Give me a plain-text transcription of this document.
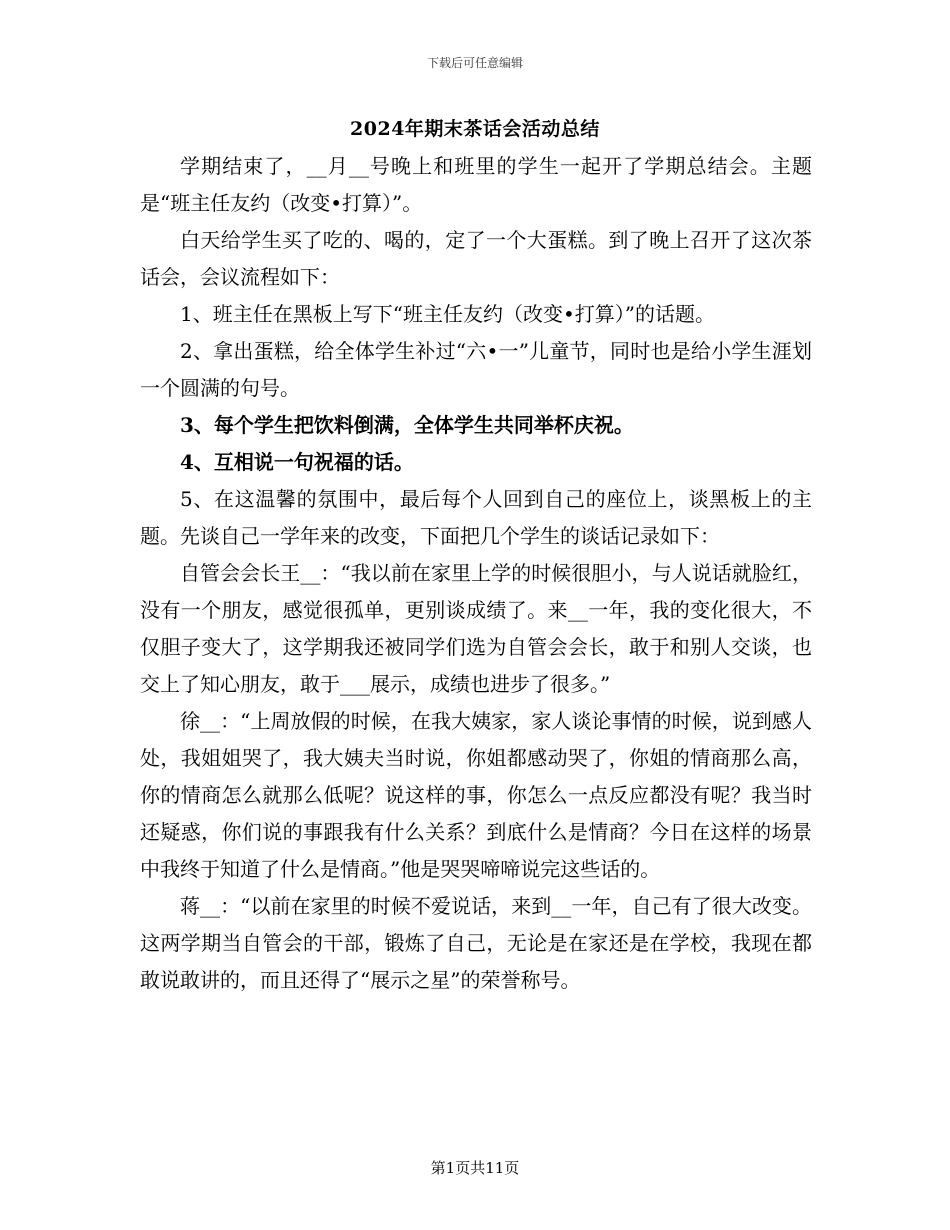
下载后可任意编辑
2024年期末茶话会活动总结

学期结束了，__月__号晚上和班里的学生一起开了学期总结会。主题是“班主任友约（改变•打算）”。

白天给学生买了吃的、喝的，定了一个大蛋糕。到了晚上召开了这次茶话会，会议流程如下：

1、班主任在黑板上写下“班主任友约（改变•打算）”的话题。

2、拿出蛋糕，给全体学生补过“六•一”儿童节，同时也是给小学生涯划一个圆满的句号。

3、每个学生把饮料倒满，全体学生共同举杯庆祝。

4、互相说一句祝福的话。

5、在这温馨的氛围中，最后每个人回到自己的座位上，谈黑板上的主题。先谈自己一学年来的改变，下面把几个学生的谈话记录如下：

自管会会长王__：“我以前在家里上学的时候很胆小，与人说话就脸红，没有一个朋友，感觉很孤单，更别谈成绩了。来__一年，我的变化很大，不仅胆子变大了，这学期我还被同学们选为自管会会长，敢于和别人交谈，也交上了知心朋友，敢于___展示，成绩也进步了很多。”

徐__：“上周放假的时候，在我大姨家，家人谈论事情的时候，说到感人处，我姐姐哭了，我大姨夫当时说，你姐都感动哭了，你姐的情商那么高，你的情商怎么就那么低呢？说这样的事，你怎么一点反应都没有呢？我当时还疑惑，你们说的事跟我有什么关系？到底什么是情商？今日在这样的场景中我终于知道了什么是情商。”他是哭哭啼啼说完这些话的。

蒋__：“以前在家里的时候不爱说话，来到__一年，自己有了很大改变。这两学期当自管会的干部，锻炼了自己，无论是在家还是在学校，我现在都敢说敢讲的，而且还得了“展示之星”的荣誉称号。

第1页共11页
